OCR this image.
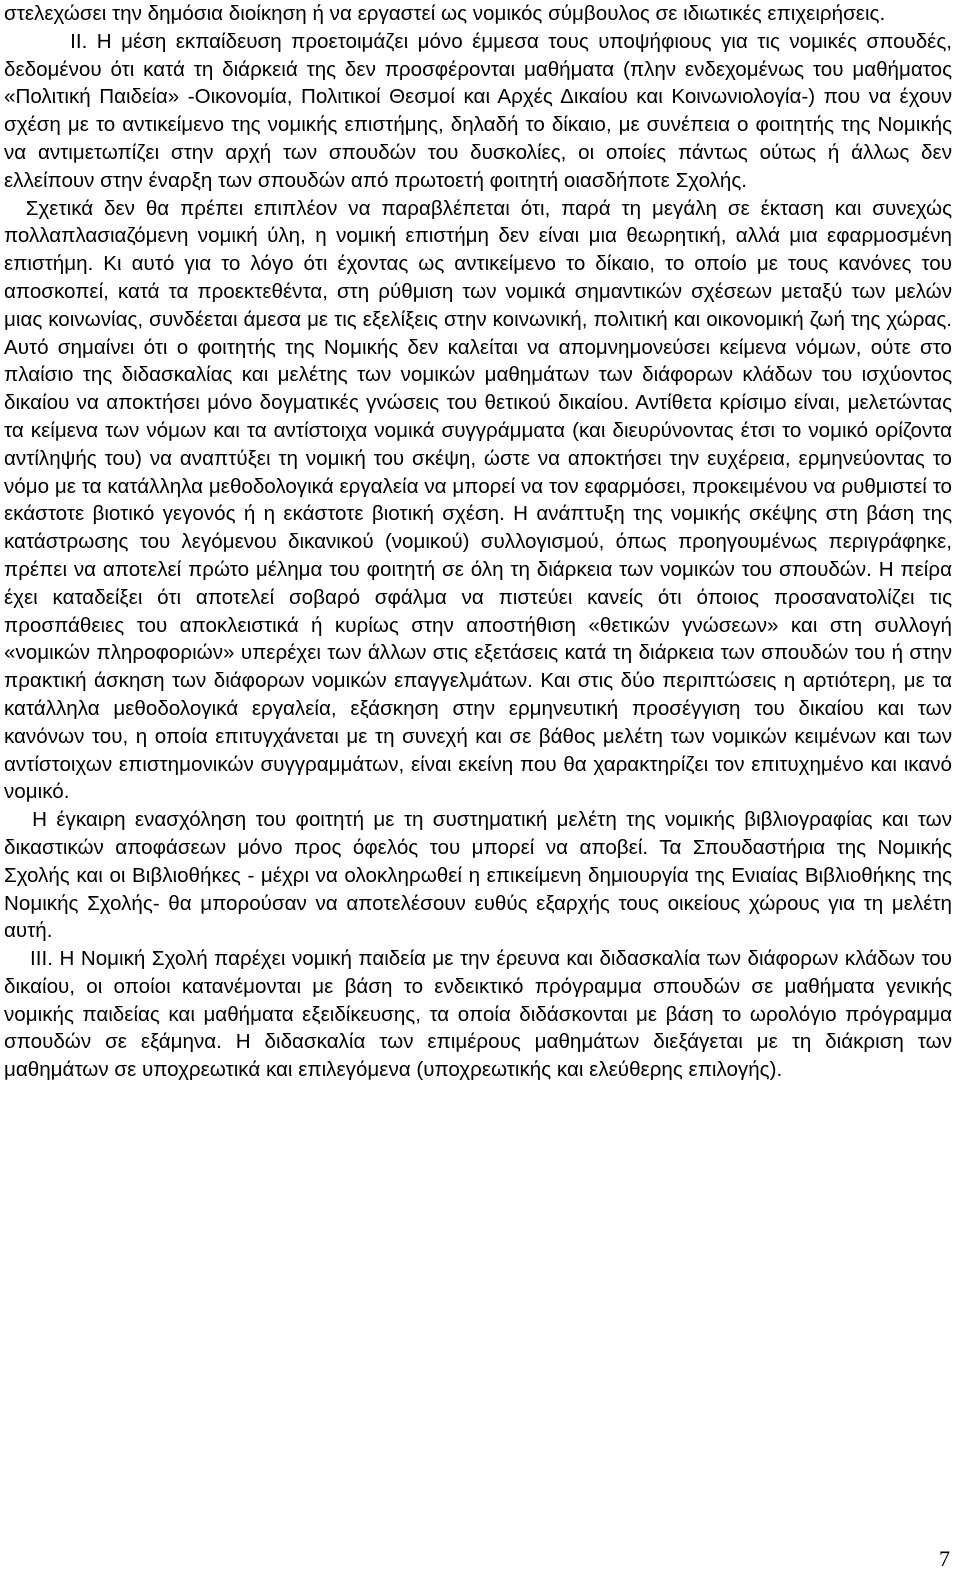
στελεχώσει την δημόσια διοίκηση ή να εργαστεί ως νομικός σύμβουλος σε ιδιωτικές επιχειρήσεις.

II. Η μέση εκπαίδευση προετοιμάζει μόνο έμμεσα τους υποψήφιους για τις νομικές σπουδές, δεδομένου ότι κατά τη διάρκειά της δεν προσφέρονται μαθήματα (πλην ενδεχομένως του μαθήματος «Πολιτική Παιδεία» -Οικονομία, Πολιτικοί Θεσμοί και Αρχές Δικαίου και Κοινωνιολογία-) που να έχουν σχέση με το αντικείμενο της νομικής επιστήμης, δηλαδή το δίκαιο, με συνέπεια ο φοιτητής της Νομικής να αντιμετωπίζει στην αρχή των σπουδών του δυσκολίες, οι οποίες πάντως ούτως ή άλλως δεν ελλείπουν στην έναρξη των σπουδών από πρωτοετή φοιτητή οιασδήποτε Σχολής.

Σχετικά δεν θα πρέπει επιπλέον να παραβλέπεται ότι, παρά τη μεγάλη σε έκταση και συνεχώς πολλαπλασιαζόμενη νομική ύλη, η νομική επιστήμη δεν είναι μια θεωρητική, αλλά μια εφαρμοσμένη επιστήμη. Κι αυτό για το λόγο ότι έχοντας ως αντικείμενο το δίκαιο, το οποίο με τους κανόνες του αποσκοπεί, κατά τα προεκτεθέντα, στη ρύθμιση των νομικά σημαντικών σχέσεων μεταξύ των μελών μιας κοινωνίας, συνδέεται άμεσα με τις εξελίξεις στην κοινωνική, πολιτική και οικονομική ζωή της χώρας. Αυτό σημαίνει ότι ο φοιτητής της Νομικής δεν καλείται να απομνημονεύσει κείμενα νόμων, ούτε στο πλαίσιο της διδασκαλίας και μελέτης των νομικών μαθημάτων των διάφορων κλάδων του ισχύοντος δικαίου να αποκτήσει μόνο δογματικές γνώσεις του θετικού δικαίου. Αντίθετα κρίσιμο είναι, μελετώντας τα κείμενα των νόμων και τα αντίστοιχα νομικά συγγράμματα (και διευρύνοντας έτσι το νομικό ορίζοντα αντίληψής του) να αναπτύξει τη νομική του σκέψη, ώστε να αποκτήσει την ευχέρεια, ερμηνεύοντας το νόμο με τα κατάλληλα μεθοδολογικά εργαλεία να μπορεί να τον εφαρμόσει, προκειμένου να ρυθμιστεί το εκάστοτε βιοτικό γεγονός ή η εκάστοτε βιοτική σχέση. Η ανάπτυξη της νομικής σκέψης στη βάση της κατάστρωσης του λεγόμενου δικανικού (νομικού) συλλογισμού, όπως προηγουμένως περιγράφηκε, πρέπει να αποτελεί πρώτο μέλημα του φοιτητή σε όλη τη διάρκεια των νομικών του σπουδών. Η πείρα έχει καταδείξει ότι αποτελεί σοβαρό σφάλμα να πιστεύει κανείς ότι όποιος προσανατολίζει τις προσπάθειες του αποκλειστικά ή κυρίως στην αποστήθιση «θετικών γνώσεων» και στη συλλογή «νομικών πληροφοριών» υπερέχει των άλλων στις εξετάσεις κατά τη διάρκεια των σπουδών του ή στην πρακτική άσκηση των διάφορων νομικών επαγγελμάτων. Και στις δύο περιπτώσεις η αρτιότερη, με τα κατάλληλα μεθοδολογικά εργαλεία, εξάσκηση στην ερμηνευτική προσέγγιση του δικαίου και των κανόνων του, η οποία επιτυγχάνεται με τη συνεχή και σε βάθος μελέτη των νομικών κειμένων και των αντίστοιχων επιστημονικών συγγραμμάτων, είναι εκείνη που θα χαρακτηρίζει τον επιτυχημένο και ικανό νομικό.

Η έγκαιρη ενασχόληση του φοιτητή με τη συστηματική μελέτη της νομικής βιβλιογραφίας και των δικαστικών αποφάσεων μόνο προς όφελός του μπορεί να αποβεί. Τα Σπουδαστήρια της Νομικής Σχολής και οι Βιβλιοθήκες - μέχρι να ολοκληρωθεί η επικείμενη δημιουργία της Ενιαίας Βιβλιοθήκης της Νομικής Σχολής- θα μπορούσαν να αποτελέσουν ευθύς εξαρχής τους οικείους χώρους για τη μελέτη αυτή.

III. Η Νομική Σχολή παρέχει νομική παιδεία με την έρευνα και διδασκαλία των διάφορων κλάδων του δικαίου, οι οποίοι κατανέμονται με βάση το ενδεικτικό πρόγραμμα σπουδών σε μαθήματα γενικής νομικής παιδείας και μαθήματα εξειδίκευσης, τα οποία διδάσκονται με βάση το ωρολόγιο πρόγραμμα σπουδών σε εξάμηνα. Η διδασκαλία των επιμέρους μαθημάτων διεξάγεται με τη διάκριση των μαθημάτων σε υποχρεωτικά και επιλεγόμενα (υποχρεωτικής και ελεύθερης επιλογής).

7
